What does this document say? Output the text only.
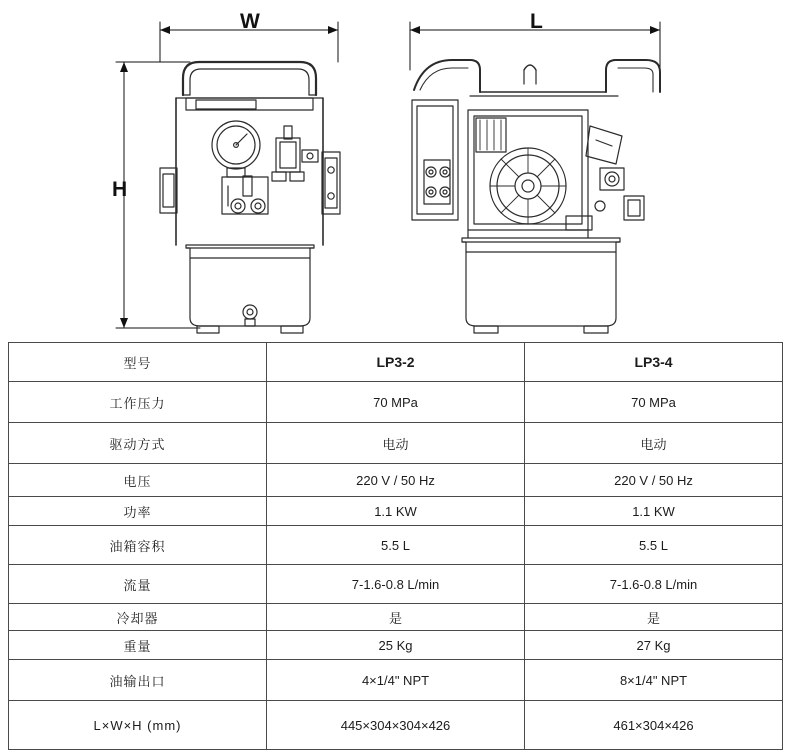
W	L
H
型号	LP3-2	LP3-4
工作压力	70 MPa	70 MPa
驱动方式	电动	电动
电压	220 V / 50 Hz	220 V / 50 Hz
功率	1.1 KW	1.1 KW
油箱容积	5.5 L	5.5 L
流量	7-1.6-0.8 L/min	7-1.6-0.8 L/min
冷却器	是	是
重量	25 Kg	27 Kg
油输出口	4×1/4" NPT	8×1/4" NPT
L×W×H (mm)	445×304×304×426	461×304×426
